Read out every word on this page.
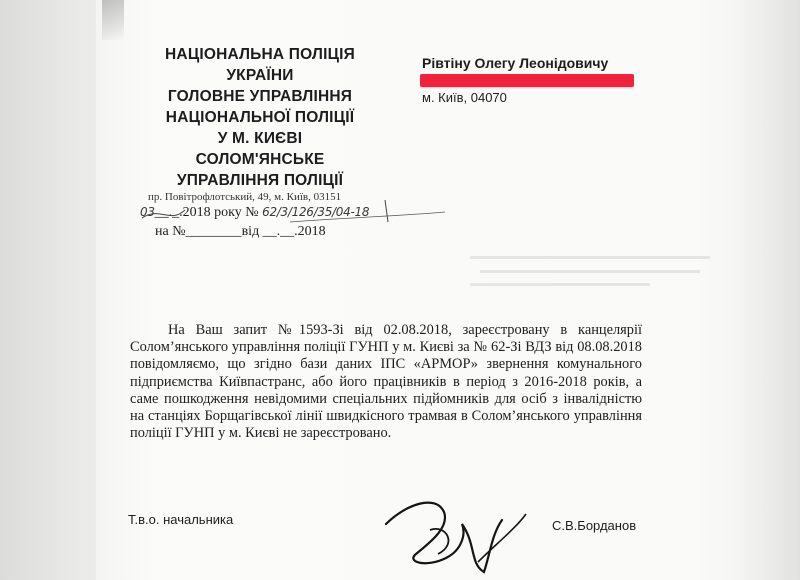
НАЦІОНАЛЬНА ПОЛІЦІЯ
УКРАЇНИ
ГОЛОВНЕ УПРАВЛІННЯ
НАЦІОНАЛЬНОЇ ПОЛІЦІЇ
У М. КИЄВІ
СОЛОМ'ЯНСЬКЕ
УПРАВЛІННЯ ПОЛІЦІЇ
пр. Повітрофлотський, 49, м. Київ, 03151
03__._.2018 року № 62/3/126/35/04-18
на №________від __.__.2018
Рівтіну Олегу Леонідовичу
м. Київ, 04070

На Ваш запит №1593-Зі від 02.08.2018, зареєстровану в канцелярії Солом’янського управління поліції ГУНП у м. Києві за № 62-Зі ВДЗ від 08.08.2018 повідомляємо, що згідно бази даних ІПС «АРМОР» звернення комунального підприємства Київпастранс, або його працівників в період з 2016-2018 років, а саме пошкодження невідомими спеціальних підйомників для осіб з інвалідністю на станціях Борщагівської лінії швидкісного трамвая в Солом’янського управління поліції ГУНП у м. Києві не зареєстровано.

Т.в.о. начальника	С.В.Борданов
